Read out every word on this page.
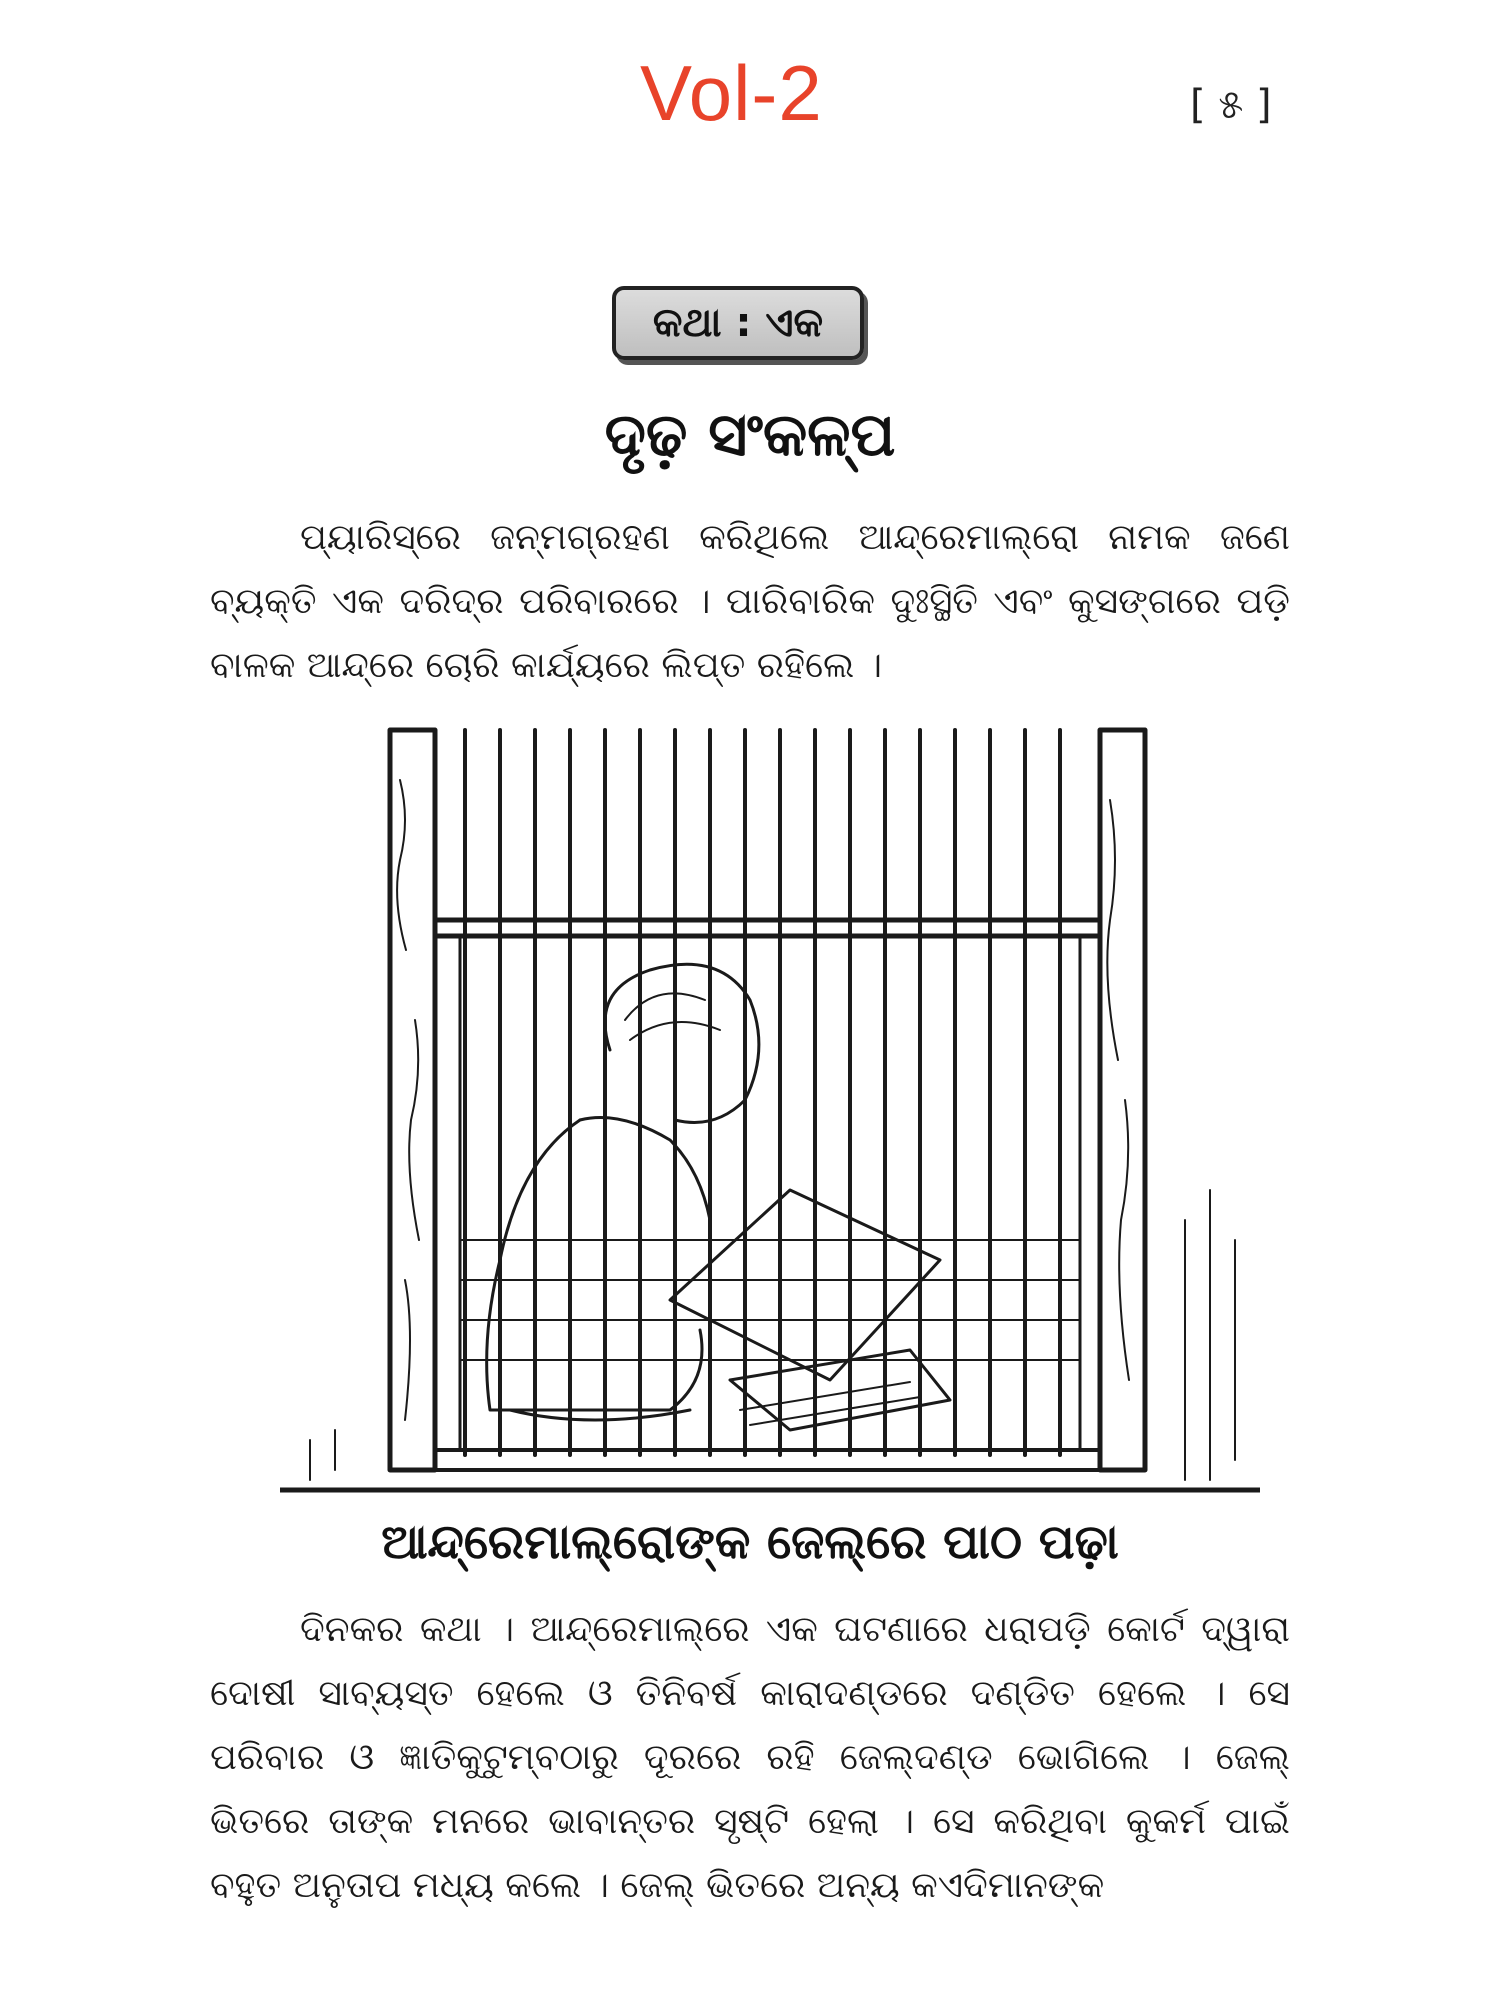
Vol-2	[ ୫ ]
କଥା : ଏକ
ଦୃଢ଼ ସଂକଳ୍ପ
ପ୍ୟାରିସ୍‌ରେ ଜନ୍ମଗ୍ରହଣ କରିଥିଲେ ଆନ୍ଦ୍ରେମାଲ୍‌ରୋ ନାମକ ଜଣେ ବ୍ୟକ୍ତି ଏକ ଦରିଦ୍ର ପରିବାରରେ । ପାରିବାରିକ ଦୁଃସ୍ଥିତି ଏବଂ କୁସଙ୍ଗରେ ପଡ଼ି ବାଳକ ଆନ୍ଦ୍ରେ ଚୋରି କାର୍ଯ୍ୟରେ ଲିପ୍ତ ରହିଲେ ।
ଆନ୍ଦ୍ରେମାଲ୍‌ରୋଙ୍କ ଜେଲ୍‌ରେ ପାଠ ପଢ଼ା
ଦିନକର କଥା । ଆନ୍ଦ୍ରେମାଲ୍‌ରେ ଏକ ଘଟଣାରେ ଧରାପଡ଼ି କୋର୍ଟ ଦ୍ୱାରା ଦୋଷୀ ସାବ୍ୟସ୍ତ ହେଲେ ଓ ତିନିବର୍ଷ କାରାଦଣ୍ଡରେ ଦଣ୍ଡିତ ହେଲେ । ସେ ପରିବାର ଓ ଜ୍ଞାତିକୁଟୁମ୍ବଠାରୁ ଦୂରରେ ରହି ଜେଲ୍‌ଦଣ୍ଡ ଭୋଗିଲେ । ଜେଲ୍ ଭିତରେ ତାଙ୍କ ମନରେ ଭାବାନ୍ତର ସୃଷ୍ଟି ହେଲା । ସେ କରିଥିବା କୁକର୍ମ ପାଇଁ ବହୁତ ଅନୁତାପ ମଧ୍ୟ କଲେ । ଜେଲ୍ ଭିତରେ ଅନ୍ୟ କଏଦିମାନଙ୍କ
